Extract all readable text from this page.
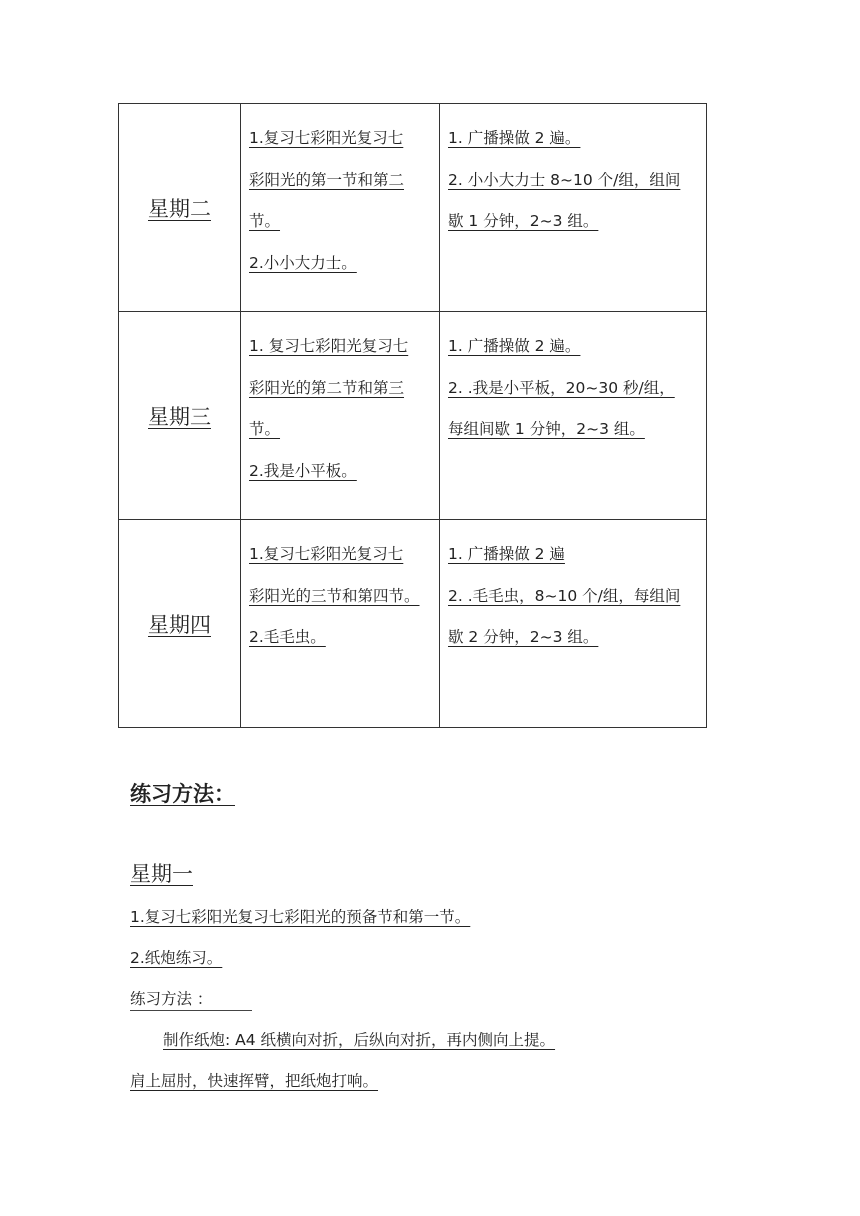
星期二	1.复习七彩阳光复习七
彩阳光的第一节和第二
节。
2.小小大力士。	1. 广播操做 2 遍。
2. 小小大力士 8~10 个/组，组间
歇 1 分钟，2~3 组。

星期三	1. 复习七彩阳光复习七
彩阳光的第二节和第三
节。
2.我是小平板。	1. 广播操做 2 遍。
2. .我是小平板，20~30 秒/组，
每组间歇 1 分钟，2~3 组。

星期四	1.复习七彩阳光复习七
彩阳光的三节和第四节。
2.毛毛虫。	1. 广播操做 2 遍
2. .毛毛虫，8~10 个/组，每组间
歇 2 分钟，2~3 组。
练习方法：
星期一
1.复习七彩阳光复习七彩阳光的预备节和第一节。
2.纸炮练习。
练习方法 ：
制作纸炮: A4 纸横向对折，后纵向对折，再内侧向上提。
肩上屈肘，快速挥臂，把纸炮打响。
